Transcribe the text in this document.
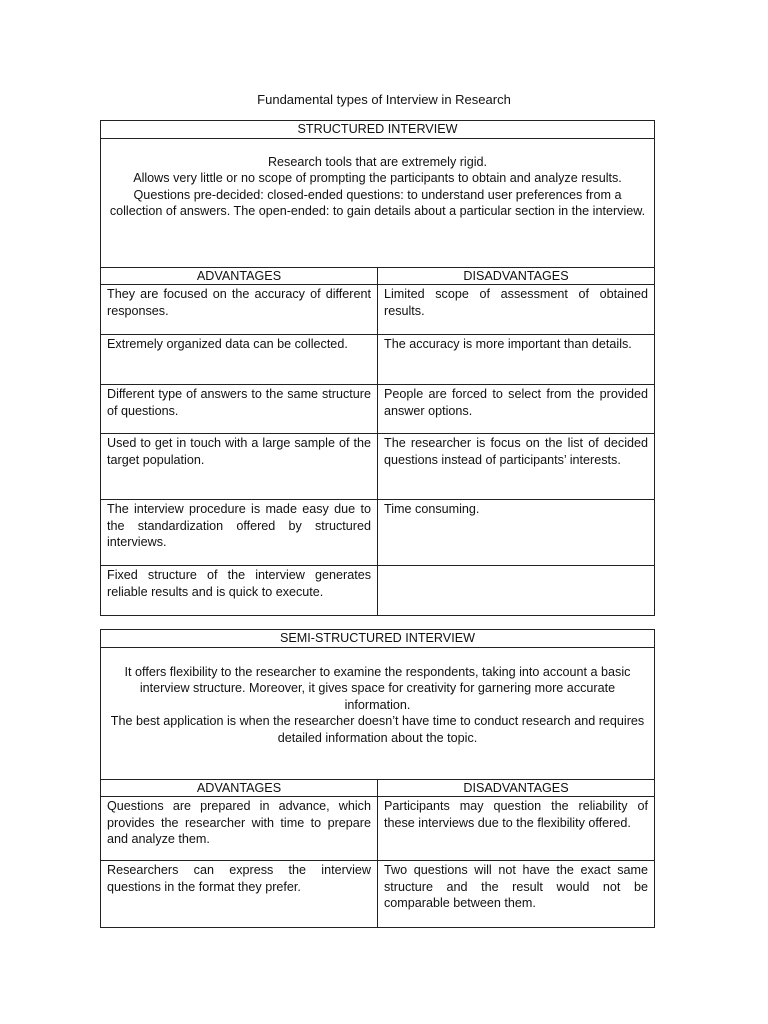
Fundamental types of Interview in Research
STRUCTURED INTERVIEW	

Research tools that are extremely rigid.

Allows very little or no scope of prompting the participants to obtain and analyze results. Questions pre-decided: closed-ended questions: to understand user preferences from a collection of answers. The open-ended: to gain details about a particular section in the interview.	

ADVANTAGES	DISADVANTAGES
They are focused on the accuracy of different responses.	Limited scope of assessment of obtained results.
Extremely organized data can be collected.	The accuracy is more important than details.
Different type of answers to the same structure of questions.	People are forced to select from the provided answer options.
Used to get in touch with a large sample of the target population.	The researcher is focus on the list of decided questions instead of participants’ interests.
The interview procedure is made easy due to the standardization offered by structured interviews.	Time consuming.
Fixed structure of the interview generates reliable results and is quick to execute.	
SEMI-STRUCTURED INTERVIEW	

It offers flexibility to the researcher to examine the respondents, taking into account a basic interview structure. Moreover, it gives space for creativity for garnering more accurate information.

The best application is when the researcher doesn’t have time to conduct research and requires detailed information about the topic.	

ADVANTAGES	DISADVANTAGES
Questions are prepared in advance, which provides the researcher with time to prepare and analyze them.	Participants may question the reliability of these interviews due to the flexibility offered.
Researchers can express the interview questions in the format they prefer.	Two questions will not have the exact same structure and the result would not be comparable between them.
